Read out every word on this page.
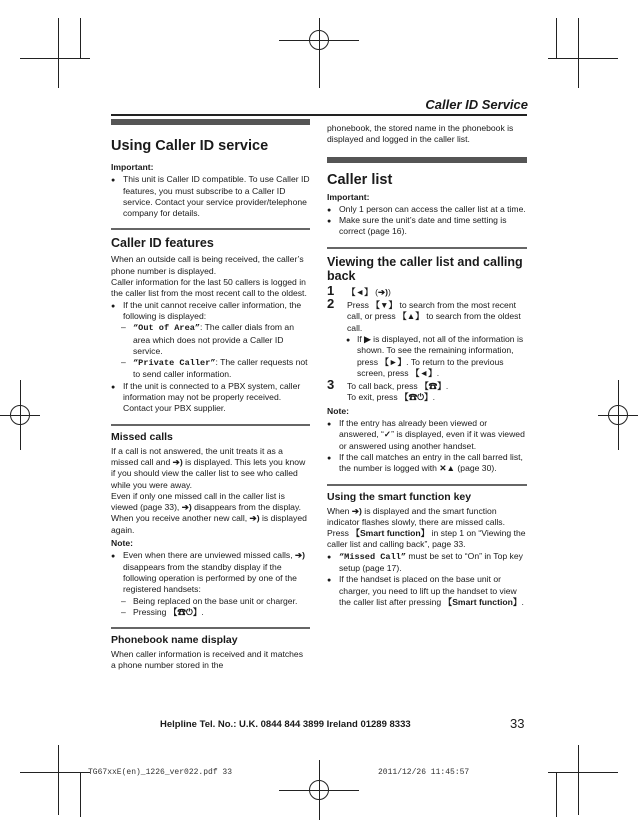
Caller ID Service
Using Caller ID service
Important:
● This unit is Caller ID compatible. To use Caller ID features, you must subscribe to a Caller ID service. Contact your service provider/telephone company for details.
Caller ID features

When an outside call is being received, the caller’s phone number is displayed.

Caller information for the last 50 callers is logged in the caller list from the most recent call to the oldest.

● If the unit cannot receive caller information, the following is displayed:
– “Out of Area”: The caller dials from an area which does not provide a Caller ID service.
– “Private Caller”: The caller requests not to send caller information.
● If the unit is connected to a PBX system, caller information may not be properly received. Contact your PBX supplier.
Missed calls

If a call is not answered, the unit treats it as a missed call and ➔) is displayed. This lets you know if you should view the caller list to see who called while you were away.

Even if only one missed call in the caller list is viewed (page 33), ➔) disappears from the display. When you receive another new call, ➔) is displayed again.

Note:
● Even when there are unviewed missed calls, ➔) disappears from the standby display if the following operation is performed by one of the registered handsets:
– Being replaced on the base unit or charger.
– Pressing 【☎⏻】.
Phonebook name display

When caller information is received and it matches a phone number stored in the

phonebook, the stored name in the phonebook is displayed and logged in the caller list.

Caller list
Important:
● Only 1 person can access the caller list at a time.
● Make sure the unit’s date and time setting is correct (page 16).
Viewing the caller list and calling back
1 【◄】 (➔))
2 Press 【▼】 to search from the most recent call, or press 【▲】 to search from the oldest call.
● If ▶ is displayed, not all of the information is shown. To see the remaining information, press 【►】. To return to the previous screen, press 【◄】.
3 To call back, press 【☎】.
To exit, press 【☎⏻】.
Note:
● If the entry has already been viewed or answered, “✓” is displayed, even if it was viewed or answered using another handset.
● If the call matches an entry in the call barred list, the number is logged with ✕▲ (page 30).
Using the smart function key

When ➔) is displayed and the smart function indicator flashes slowly, there are missed calls. Press 【Smart function】 in step 1 on “Viewing the caller list and calling back”, page 33.

● “Missed Call” must be set to “On” in Top key setup (page 17).
● If the handset is placed on the base unit or charger, you need to lift up the handset to view the caller list after pressing 【Smart function】.
Helpline Tel. No.: U.K. 0844 844 3899 Ireland 01289 8333	33
TG67xxE(en)_1226_ver022.pdf 33	2011/12/26 11:45:57
